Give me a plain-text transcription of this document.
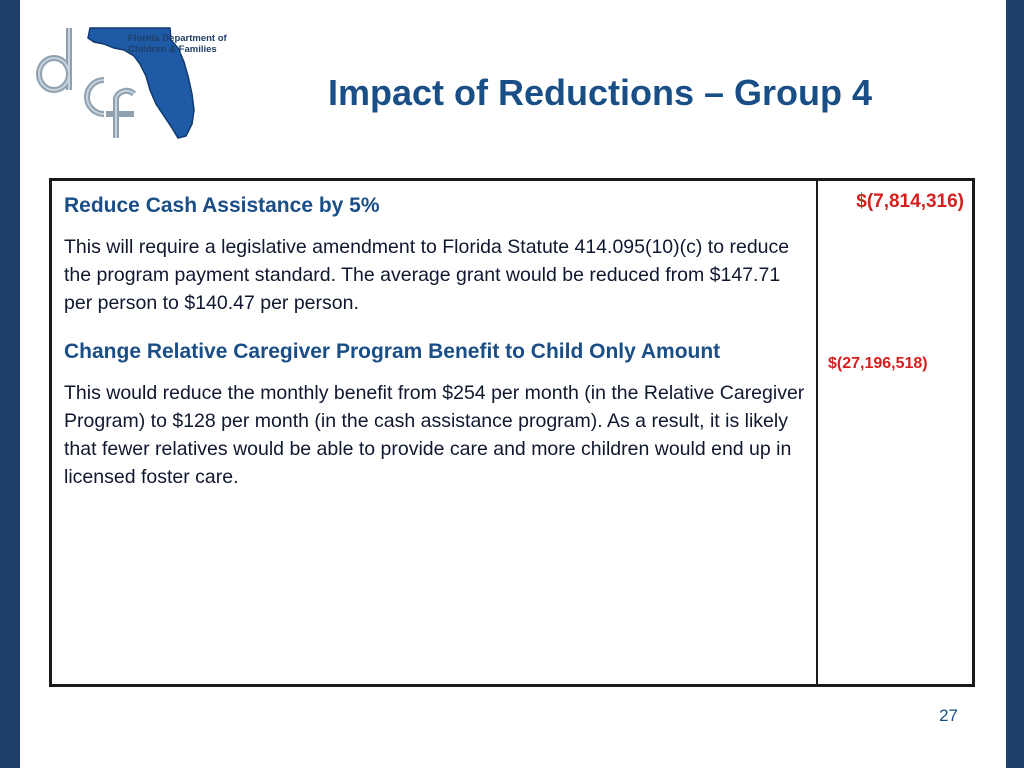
Florida Department of
Children & Families
Impact of Reductions – Group 4

Reduce Cash Assistance by 5%

This will require a legislative amendment to Florida Statute 414.095(10)(c) to reduce the program payment standard. The average grant would be reduced from $147.71 per person to $140.47 per person.

Change Relative Caregiver Program Benefit to Child Only Amount

This would reduce the monthly benefit from $254 per month (in the Relative Caregiver Program) to $128 per month (in the cash assistance program). As a result, it is likely that fewer relatives would be able to provide care and more children would end up in licensed foster care.

$(7,814,316)
$(27,196,518)
27
